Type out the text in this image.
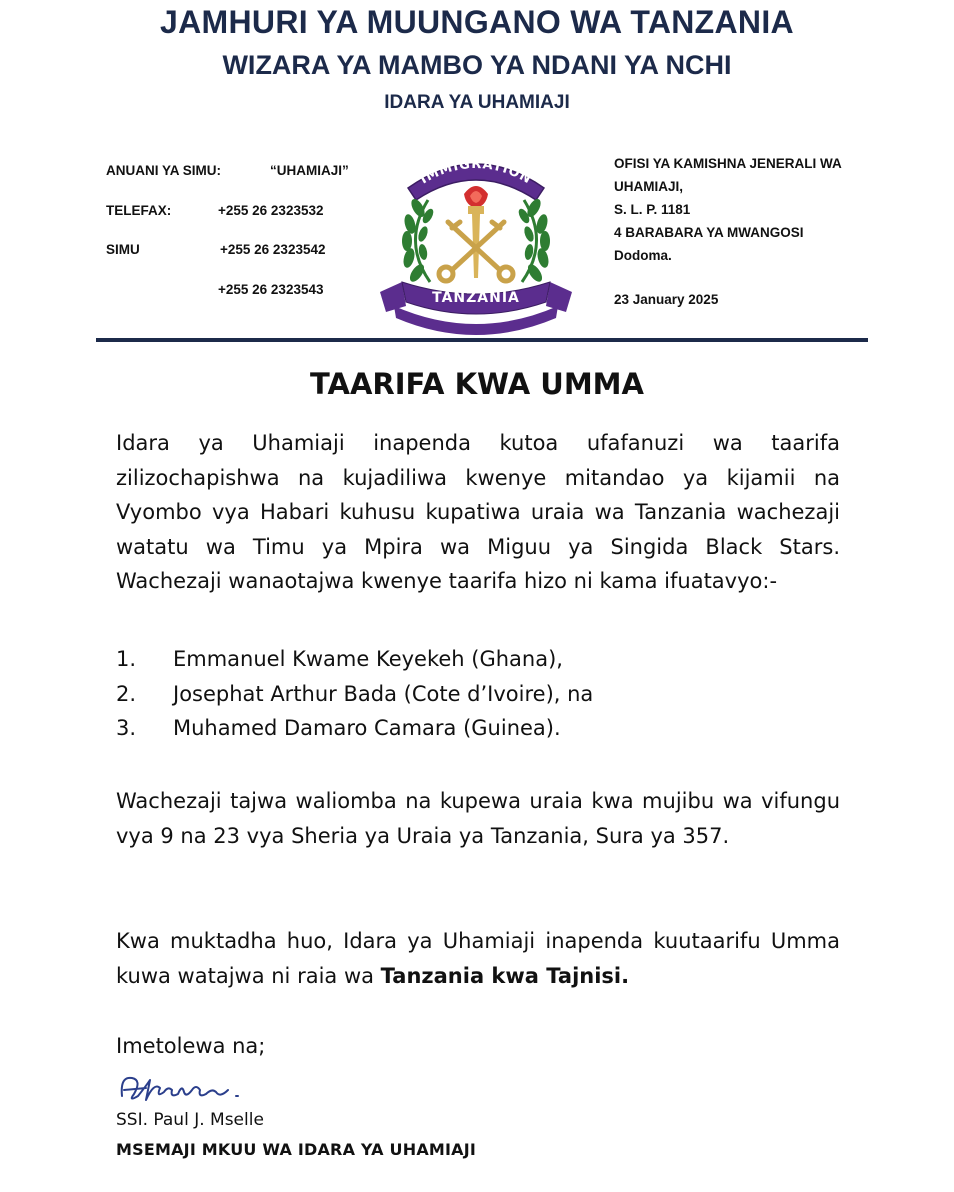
JAMHURI YA MUUNGANO WA TANZANIA
WIZARA YA MAMBO YA NDANI YA NCHI
IDARA YA UHAMIAJI
ANUANI YA SIMU:	“UHAMIAJI”
TELEFAX:	+255 26 2323532
SIMU	+255 26 2323542
+255 26 2323543
IMMIGRATION
TANZANIA
Migration Security and Development
OFISI YA KAMISHNA JENERALI WA
UHAMIAJI,
S. L. P. 1181
4 BARABARA YA MWANGOSI
Dodoma.
23 January 2025
TAARIFA KWA UMMA
Idara ya Uhamiaji inapenda kutoa ufafanuzi wa taarifa zilizochapishwa na kujadiliwa kwenye mitandao ya kijamii na Vyombo vya Habari kuhusu kupatiwa uraia wa Tanzania wachezaji watatu wa Timu ya Mpira wa Miguu ya Singida Black Stars. Wachezaji wanaotajwa kwenye taarifa hizo ni kama ifuatavyo:-
1.	Emmanuel Kwame Keyekeh (Ghana),
2.	Josephat Arthur Bada (Cote d’Ivoire), na
3.	Muhamed Damaro Camara (Guinea).
Wachezaji tajwa waliomba na kupewa uraia kwa mujibu wa vifungu vya 9 na 23 vya Sheria ya Uraia ya Tanzania, Sura ya 357.
Kwa muktadha huo, Idara ya Uhamiaji inapenda kuutaarifu Umma kuwa watajwa ni raia wa Tanzania kwa Tajnisi.
Imetolewa na;
SSI. Paul J. Mselle
MSEMAJI MKUU WA IDARA YA UHAMIAJI
